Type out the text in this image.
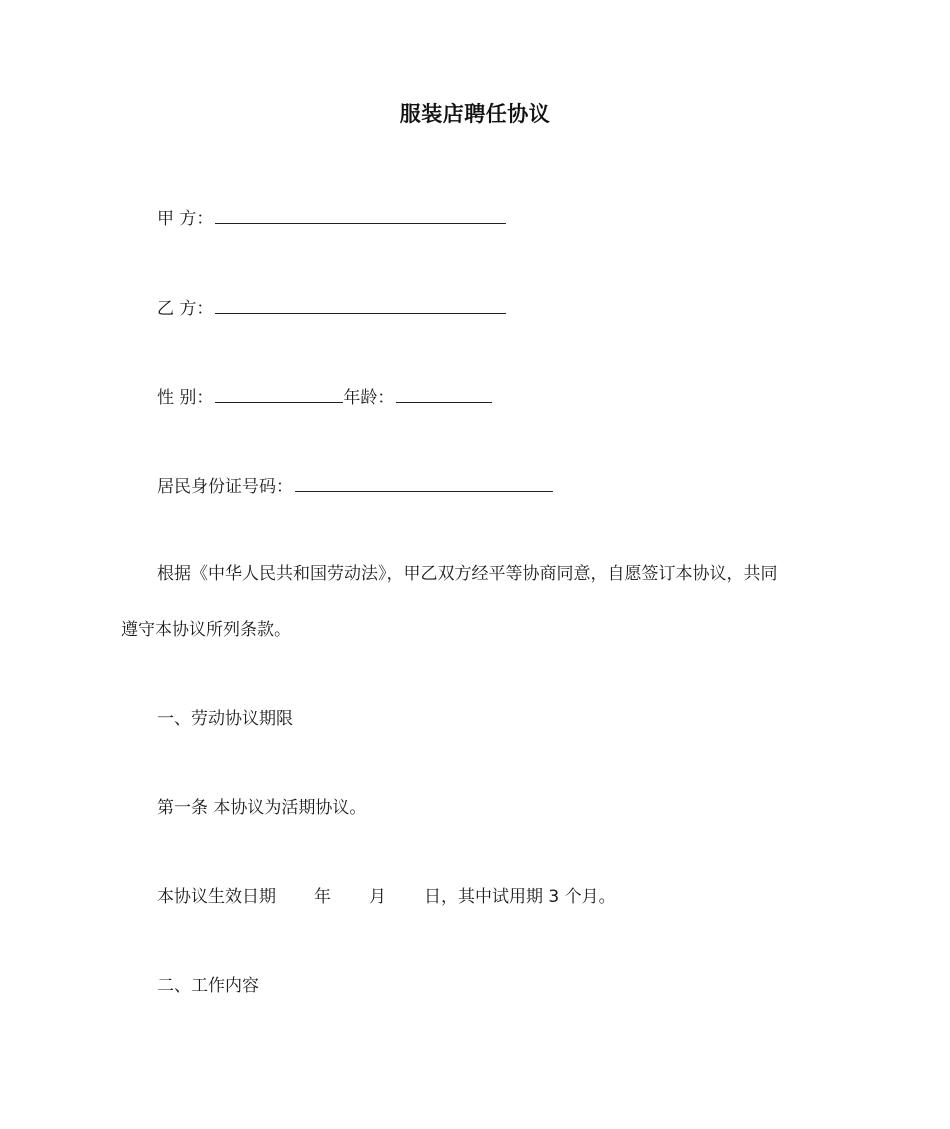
服装店聘任协议
甲 方：
乙 方：
性 别：	年龄：
居民身份证号码：
根据《中华人民共和国劳动法》，甲乙双方经平等协商同意，自愿签订本协议，共同
遵守本协议所列条款。
一、劳动协议期限
第一条 本协议为活期协议。
本协议生效日期 年 月 日，其中试用期 3 个月。
二、工作内容
